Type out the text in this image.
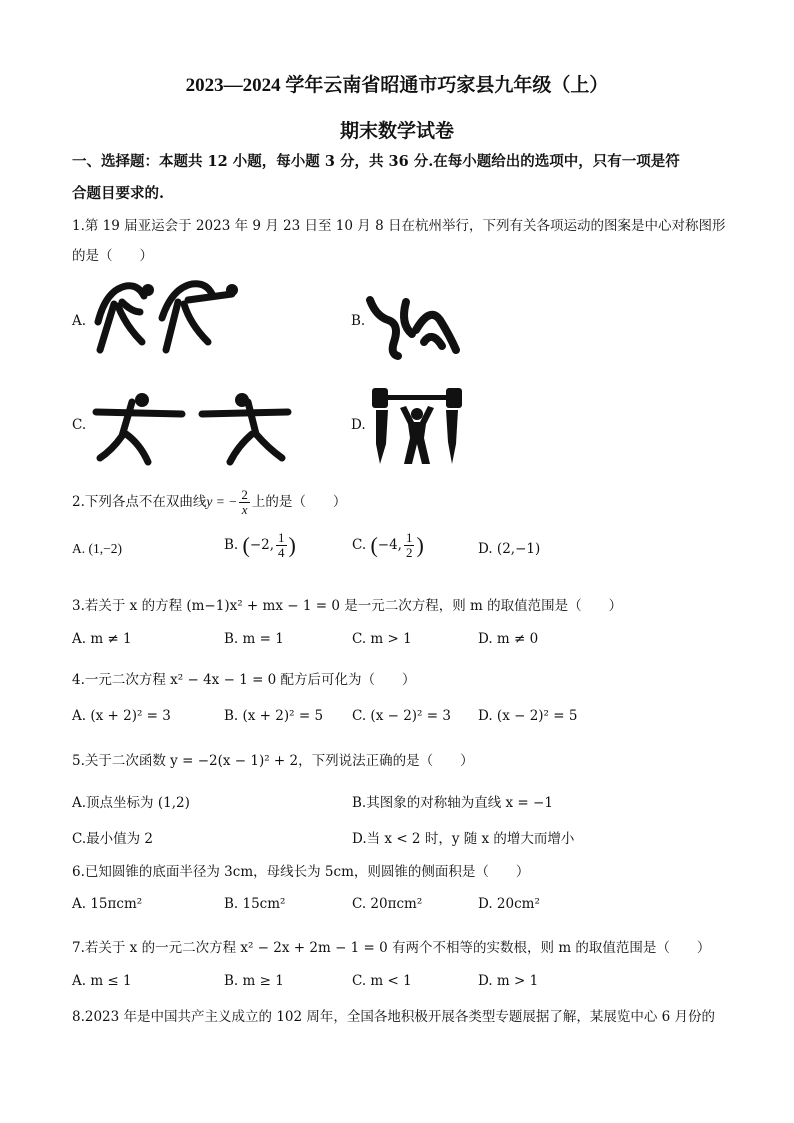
2023—2024 学年云南省昭通市巧家县九年级（上）
期末数学试卷
一、选择题：本题共 12 小题，每小题 3 分，共 36 分.在每小题给出的选项中，只有一项是符
合题目要求的.
1.第 19 届亚运会于 2023 年 9 月 23 日至 10 月 8 日在杭州举行，下列有关各项运动的图案是中心对称图形
的是（　　）
A.	B.
C.	D.
2.下列各点不在双曲线y = − $\frac{2}{x}$ 上的是（　　）
A. (1,−2)	B. (−2, $\frac{1}{4}$ )	C. (−4, $\frac{1}{2}$ )	D. (2,−1)
3.若关于 x 的方程 (m−1)x² + mx − 1 = 0 是一元二次方程，则 m 的取值范围是（　　）
A. m ≠ 1	B. m = 1	C. m > 1	D. m ≠ 0
4.一元二次方程 x² − 4x − 1 = 0 配方后可化为（　　）
A. (x + 2)² = 3	B. (x + 2)² = 5 C. (x − 2)² = 3 D. (x − 2)² = 5
5.关于二次函数 y = −2(x − 1)² + 2，下列说法正确的是（　　）
A.顶点坐标为 (1,2)	B.其图象的对称轴为直线 x = −1
C.最小值为 2	D.当 x < 2 时，y 随 x 的增大而增小
6.已知圆锥的底面半径为 3cm，母线长为 5cm，则圆锥的侧面积是（　　）
A. 15πcm²	B. 15cm²	C. 20πcm²	D. 20cm²
7.若关于 x 的一元二次方程 x² − 2x + 2m − 1 = 0 有两个不相等的实数根，则 m 的取值范围是（　　）
A. m ≤ 1	B. m ≥ 1	C. m < 1	D. m > 1
8.2023 年是中国共产主义成立的 102 周年，全国各地积极开展各类型专题展据了解，某展览中心 6 月份的
